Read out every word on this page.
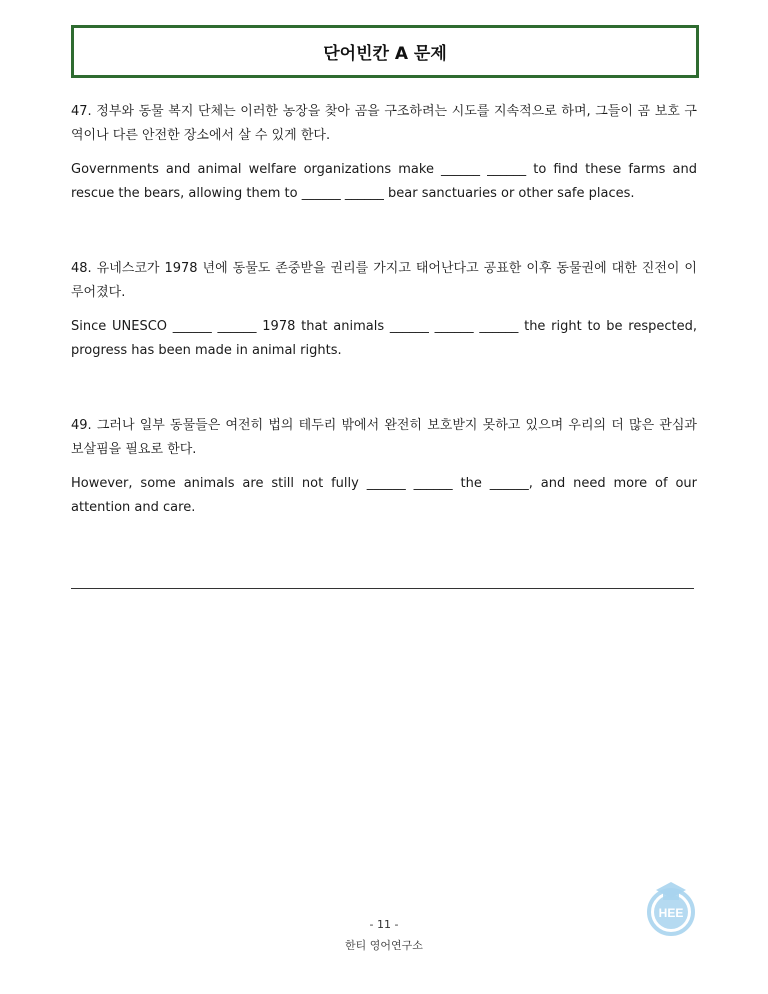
단어빈칸 A 문제

47. 정부와 동물 복지 단체는 이러한 농장을 찾아 곰을 구조하려는 시도를 지속적으로 하며, 그들이 곰 보호 구역이나 다른 안전한 장소에서 살 수 있게 한다.

Governments and animal welfare organizations make ______ ______ to find these farms and rescue the bears, allowing them to ______ ______ bear sanctuaries or other safe places.

48. 유네스코가 1978 년에 동물도 존중받을 권리를 가지고 태어난다고 공표한 이후 동물권에 대한 진전이 이루어졌다.

Since UNESCO ______ ______ 1978 that animals ______ ______ ______ the right to be respected, progress has been made in animal rights.

49. 그러나 일부 동물들은 여전히 법의 테두리 밖에서 완전히 보호받지 못하고 있으며 우리의 더 많은 관심과 보살핌을 필요로 한다.

However, some animals are still not fully ______ ______ the ______, and need more of our attention and care.

HEE
- 11 -
한티 영어연구소
